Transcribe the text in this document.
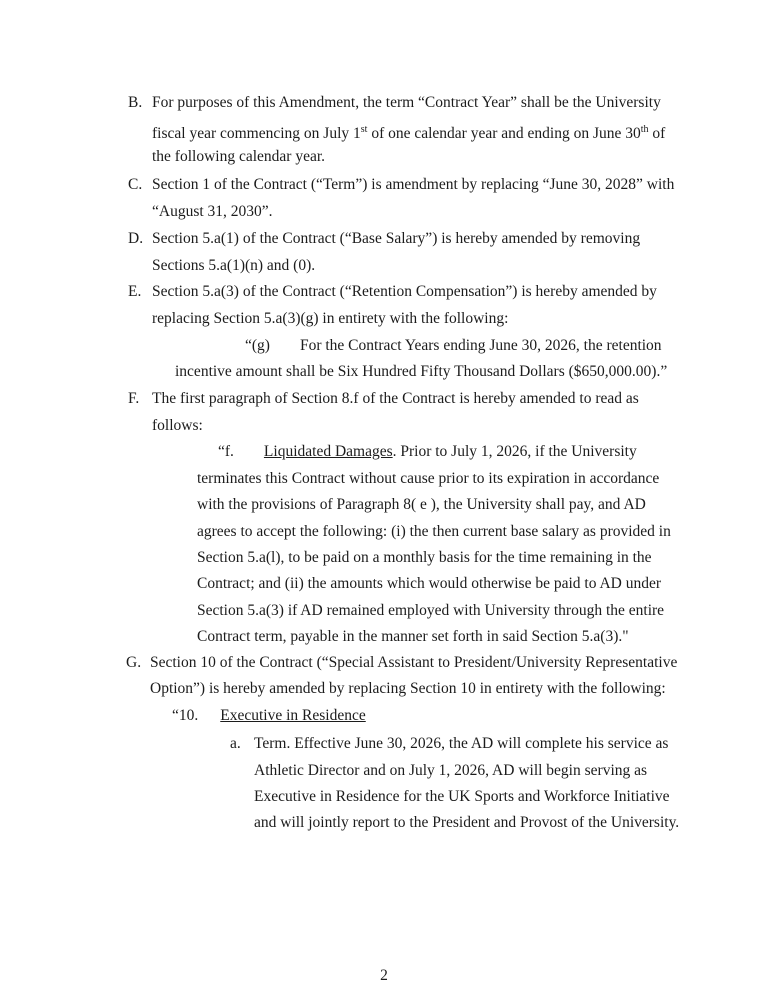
B. For purposes of this Amendment, the term “Contract Year” shall be the University
fiscal year commencing on July 1st of one calendar year and ending on June 30th of
the following calendar year.
C. Section 1 of the Contract (“Term”) is amendment by replacing “June 30, 2028” with
“August 31, 2030”.
D. Section 5.a(1) of the Contract (“Base Salary”) is hereby amended by removing
Sections 5.a(1)(n) and (0).
E. Section 5.a(3) of the Contract (“Retention Compensation”) is hereby amended by
replacing Section 5.a(3)(g) in entirety with the following:
“(g) For the Contract Years ending June 30, 2026, the retention
incentive amount shall be Six Hundred Fifty Thousand Dollars ($650,000.00).”
F. The first paragraph of Section 8.f of the Contract is hereby amended to read as
follows:
“f. Liquidated Damages. Prior to July 1, 2026, if the University
terminates this Contract without cause prior to its expiration in accordance
with the provisions of Paragraph 8( e ), the University shall pay, and AD
agrees to accept the following: (i) the then current base salary as provided in
Section 5.a(l), to be paid on a monthly basis for the time remaining in the
Contract; and (ii) the amounts which would otherwise be paid to AD under
Section 5.a(3) if AD remained employed with University through the entire
Contract term, payable in the manner set forth in said Section 5.a(3)."
G. Section 10 of the Contract (“Special Assistant to President/University Representative
Option”) is hereby amended by replacing Section 10 in entirety with the following:
“10. Executive in Residence
a. Term. Effective June 30, 2026, the AD will complete his service as
Athletic Director and on July 1, 2026, AD will begin serving as
Executive in Residence for the UK Sports and Workforce Initiative
and will jointly report to the President and Provost of the University.
2
